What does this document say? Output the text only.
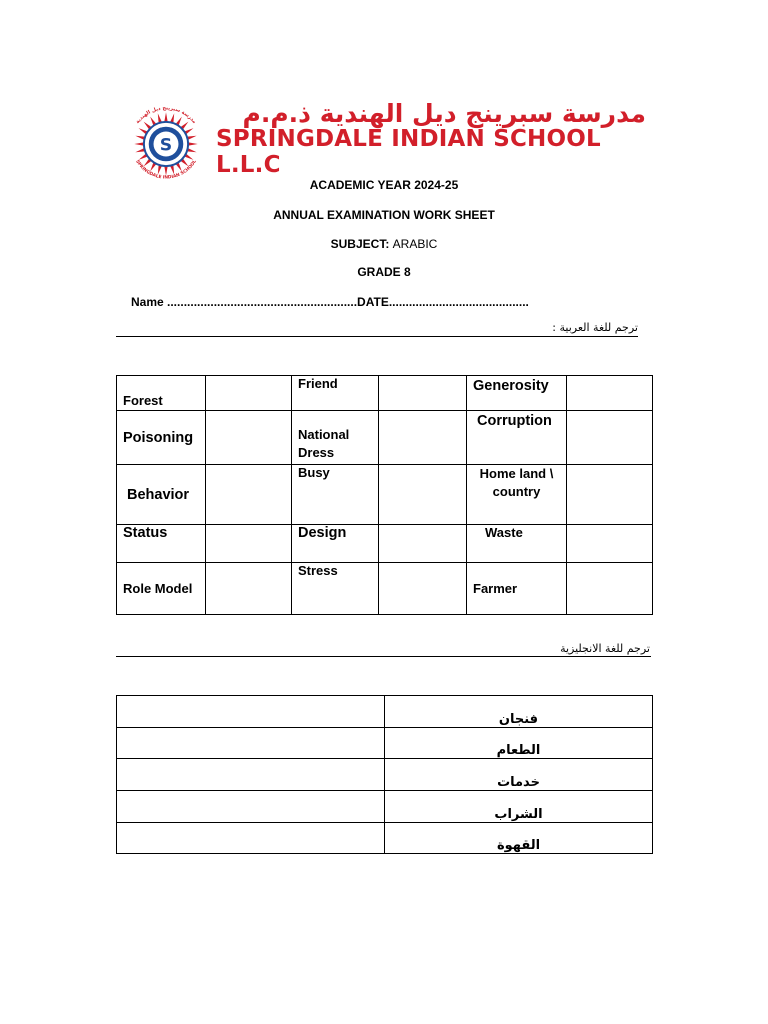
S
مدرسة سبرينج ديل الهندية
SPRINGDALE INDIAN SCHOOL
مدرسة سبرينج ديل الهندية ذ.م.م
SPRINGDALE INDIAN SCHOOL L.L.C
ACADEMIC YEAR 2024-25
ANNUAL EXAMINATION WORK SHEET
SUBJECT: ARABIC
GRADE 8
Name .........................................................DATE..........................................
ترجم للغة العربية :
Forest		Friend		Generosity	
Poisoning		National Dress		Corruption	
Behavior		Busy		Home land \ country	
Status		Design		Waste	
Role Model		Stress		Farmer	
ترجم للغة الانجليزية
	فنجان
	الطعام
	خدمات
	الشراب
	القهوة
